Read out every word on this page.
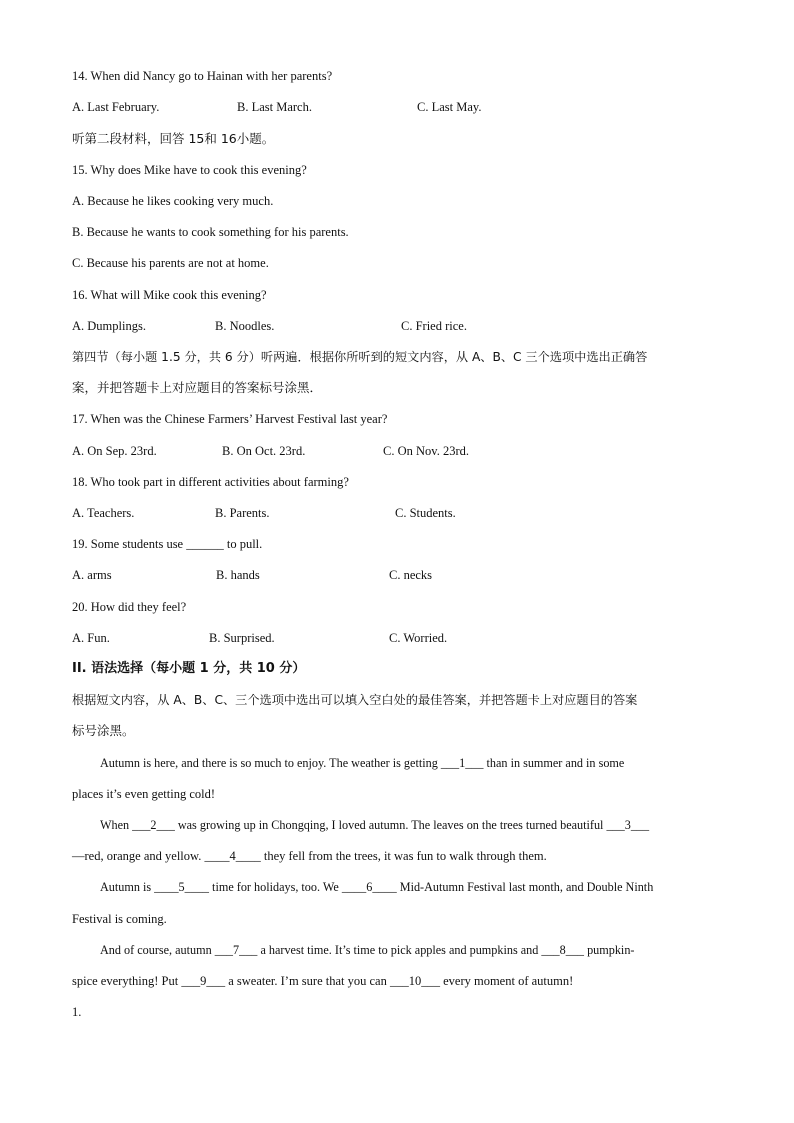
14. When did Nancy go to Hainan with her parents?
A. Last February.	B. Last March.	C. Last May.
听第二段材料，回答 15和 16小题。
15. Why does Mike have to cook this evening?
A. Because he likes cooking very much.
B. Because he wants to cook something for his parents.
C. Because his parents are not at home.
16. What will Mike cook this evening?
A. Dumplings.	B. Noodles.	C. Fried rice.
第四节（每小题 1.5 分，共 6 分）听两遍．根据你所听到的短文内容，从 A、B、C 三个选项中选出正确答
案，并把答题卡上对应题目的答案标号涂黑．
17. When was the Chinese Farmers’ Harvest Festival last year?
A. On Sep. 23rd.	B. On Oct. 23rd.	C. On Nov. 23rd.
18. Who took part in different activities about farming?
A. Teachers.	B. Parents.	C. Students.
19. Some students use ______ to pull.
A. arms	B. hands	C. necks
20. How did they feel?
A. Fun.	B. Surprised.	C. Worried.
II. 语法选择（每小题 1 分，共 10 分）
根据短文内容，从 A、B、C、三个选项中选出可以填入空白处的最佳答案，并把答题卡上对应题目的答案
标号涂黑。
Autumn is here, and there is so much to enjoy. The weather is getting ___1___ than in summer and in some
places it’s even getting cold!
When ___2___ was growing up in Chongqing, I loved autumn. The leaves on the trees turned beautiful ___3___
—red, orange and yellow. ____4____ they fell from the trees, it was fun to walk through them.
Autumn is ____5____ time for holidays, too. We ____6____ Mid-Autumn Festival last month, and Double Ninth
Festival is coming.
And of course, autumn ___7___ a harvest time. It’s time to pick apples and pumpkins and ___8___ pumpkin-
spice everything! Put ___9___ a sweater. I’m sure that you can ___10___ every moment of autumn!
1.
